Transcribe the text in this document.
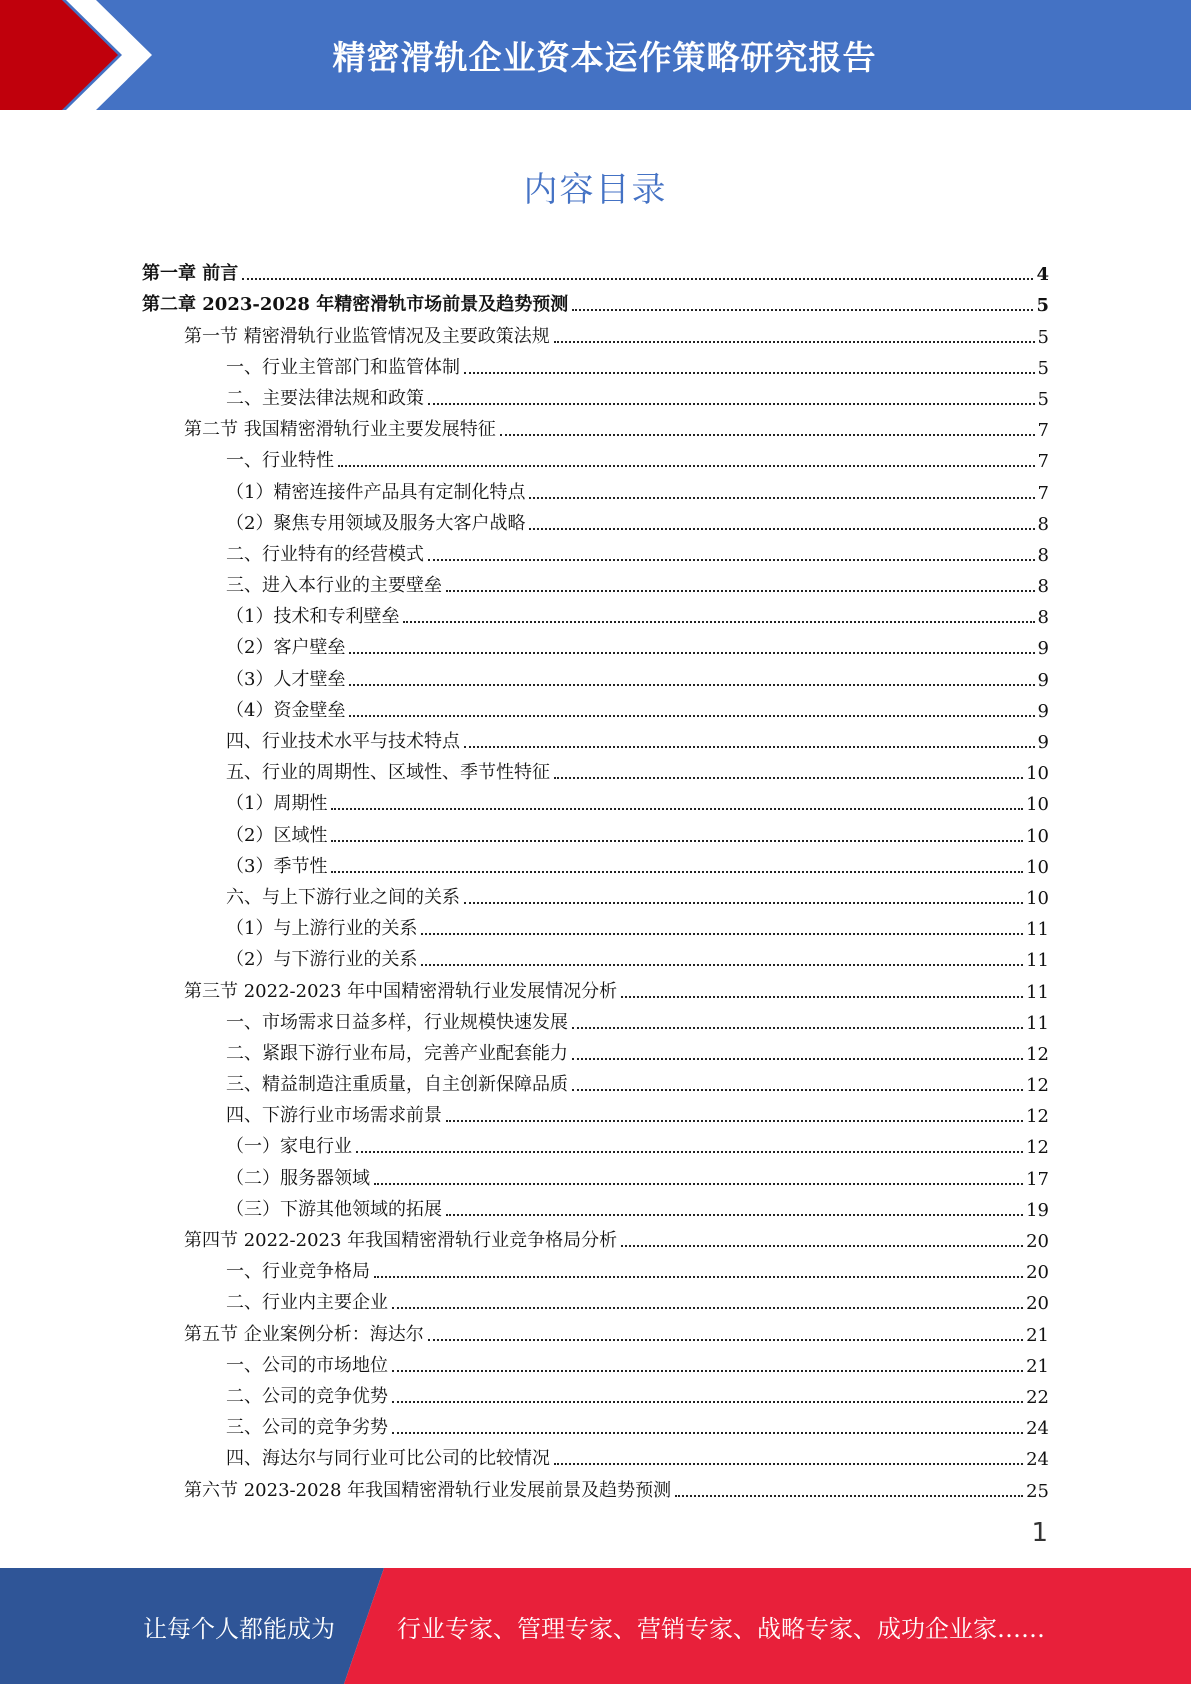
精密滑轨企业资本运作策略研究报告
内容目录
第一章 前言	4
第二章 2023-2028 年精密滑轨市场前景及趋势预测	5
第一节 精密滑轨行业监管情况及主要政策法规	5
一、行业主管部门和监管体制	5
二、主要法律法规和政策	5
第二节 我国精密滑轨行业主要发展特征	7
一、行业特性	7
（1）精密连接件产品具有定制化特点	7
（2）聚焦专用领域及服务大客户战略	8
二、行业特有的经营模式	8
三、进入本行业的主要壁垒	8
（1）技术和专利壁垒	8
（2）客户壁垒	9
（3）人才壁垒	9
（4）资金壁垒	9
四、行业技术水平与技术特点	9
五、行业的周期性、区域性、季节性特征	10
（1）周期性	10
（2）区域性	10
（3）季节性	10
六、与上下游行业之间的关系	10
（1）与上游行业的关系	11
（2）与下游行业的关系	11
第三节 2022-2023 年中国精密滑轨行业发展情况分析	11
一、市场需求日益多样，行业规模快速发展	11
二、紧跟下游行业布局，完善产业配套能力	12
三、精益制造注重质量，自主创新保障品质	12
四、下游行业市场需求前景	12
（一）家电行业	12
（二）服务器领域	17
（三）下游其他领域的拓展	19
第四节 2022-2023 年我国精密滑轨行业竞争格局分析	20
一、行业竞争格局	20
二、行业内主要企业	20
第五节 企业案例分析：海达尔	21
一、公司的市场地位	21
二、公司的竞争优势	22
三、公司的竞争劣势	24
四、海达尔与同行业可比公司的比较情况	24
第六节 2023-2028 年我国精密滑轨行业发展前景及趋势预测	25
1
让每个人都能成为	行业专家、管理专家、营销专家、战略专家、成功企业家……
